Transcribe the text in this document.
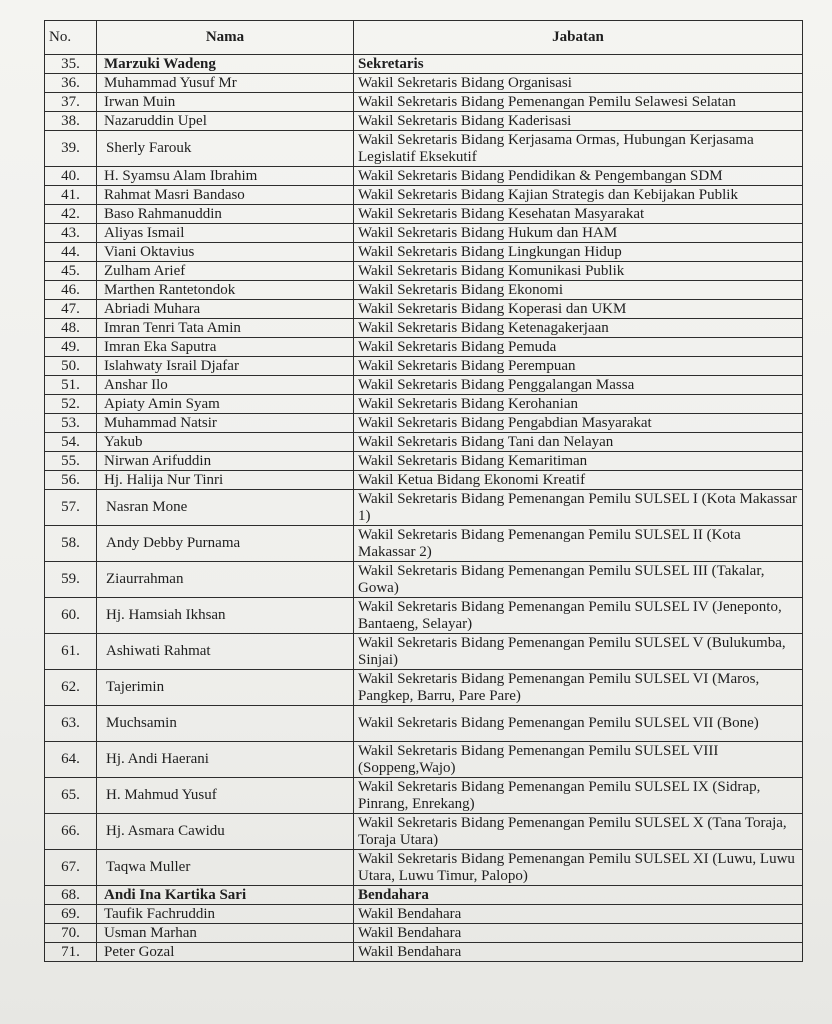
No.	Nama	Jabatan
35.	Marzuki Wadeng	Sekretaris
36.	Muhammad Yusuf Mr	Wakil Sekretaris Bidang Organisasi
37.	Irwan Muin	Wakil Sekretaris Bidang Pemenangan Pemilu Selawesi Selatan
38.	Nazaruddin Upel	Wakil Sekretaris Bidang Kaderisasi
39.	Sherly Farouk	Wakil Sekretaris Bidang Kerjasama Ormas, Hubungan Kerjasama Legislatif Eksekutif
40.	H. Syamsu Alam Ibrahim	Wakil Sekretaris Bidang Pendidikan & Pengembangan SDM
41.	Rahmat Masri Bandaso	Wakil Sekretaris Bidang Kajian Strategis dan Kebijakan Publik
42.	Baso Rahmanuddin	Wakil Sekretaris Bidang Kesehatan Masyarakat
43.	Aliyas Ismail	Wakil Sekretaris Bidang Hukum dan HAM
44.	Viani Oktavius	Wakil Sekretaris Bidang Lingkungan Hidup
45.	Zulham Arief	Wakil Sekretaris Bidang Komunikasi Publik
46.	Marthen Rantetondok	Wakil Sekretaris Bidang Ekonomi
47.	Abriadi Muhara	Wakil Sekretaris Bidang Koperasi dan UKM
48.	Imran Tenri Tata Amin	Wakil Sekretaris Bidang Ketenagakerjaan
49.	Imran Eka Saputra	Wakil Sekretaris Bidang Pemuda
50.	Islahwaty Israil Djafar	Wakil Sekretaris Bidang Perempuan
51.	Anshar Ilo	Wakil Sekretaris Bidang Penggalangan Massa
52.	Apiaty Amin Syam	Wakil Sekretaris Bidang Kerohanian
53.	Muhammad Natsir	Wakil Sekretaris Bidang Pengabdian Masyarakat
54.	Yakub	Wakil Sekretaris Bidang Tani dan Nelayan
55.	Nirwan Arifuddin	Wakil Sekretaris Bidang Kemaritiman
56.	Hj. Halija Nur Tinri	Wakil Ketua Bidang Ekonomi Kreatif
57.	Nasran Mone	Wakil Sekretaris Bidang Pemenangan Pemilu SULSEL I (Kota Makassar 1)
58.	Andy Debby Purnama	Wakil Sekretaris Bidang Pemenangan Pemilu SULSEL II (Kota Makassar 2)
59.	Ziaurrahman	Wakil Sekretaris Bidang Pemenangan Pemilu SULSEL III (Takalar, Gowa)
60.	Hj. Hamsiah Ikhsan	Wakil Sekretaris Bidang Pemenangan Pemilu SULSEL IV (Jeneponto, Bantaeng, Selayar)
61.	Ashiwati Rahmat	Wakil Sekretaris Bidang Pemenangan Pemilu SULSEL V (Bulukumba, Sinjai)
62.	Tajerimin	Wakil Sekretaris Bidang Pemenangan Pemilu SULSEL VI (Maros, Pangkep, Barru, Pare Pare)
63.	Muchsamin	Wakil Sekretaris Bidang Pemenangan Pemilu SULSEL VII (Bone)
64.	Hj. Andi Haerani	Wakil Sekretaris Bidang Pemenangan Pemilu SULSEL VIII (Soppeng,Wajo)
65.	H. Mahmud Yusuf	Wakil Sekretaris Bidang Pemenangan Pemilu SULSEL IX (Sidrap, Pinrang, Enrekang)
66.	Hj. Asmara Cawidu	Wakil Sekretaris Bidang Pemenangan Pemilu SULSEL X (Tana Toraja, Toraja Utara)
67.	Taqwa Muller	Wakil Sekretaris Bidang Pemenangan Pemilu SULSEL XI (Luwu, Luwu Utara, Luwu Timur, Palopo)
68.	Andi Ina Kartika Sari	Bendahara
69.	Taufik Fachruddin	Wakil Bendahara
70.	Usman Marhan	Wakil Bendahara
71.	Peter Gozal	Wakil Bendahara
